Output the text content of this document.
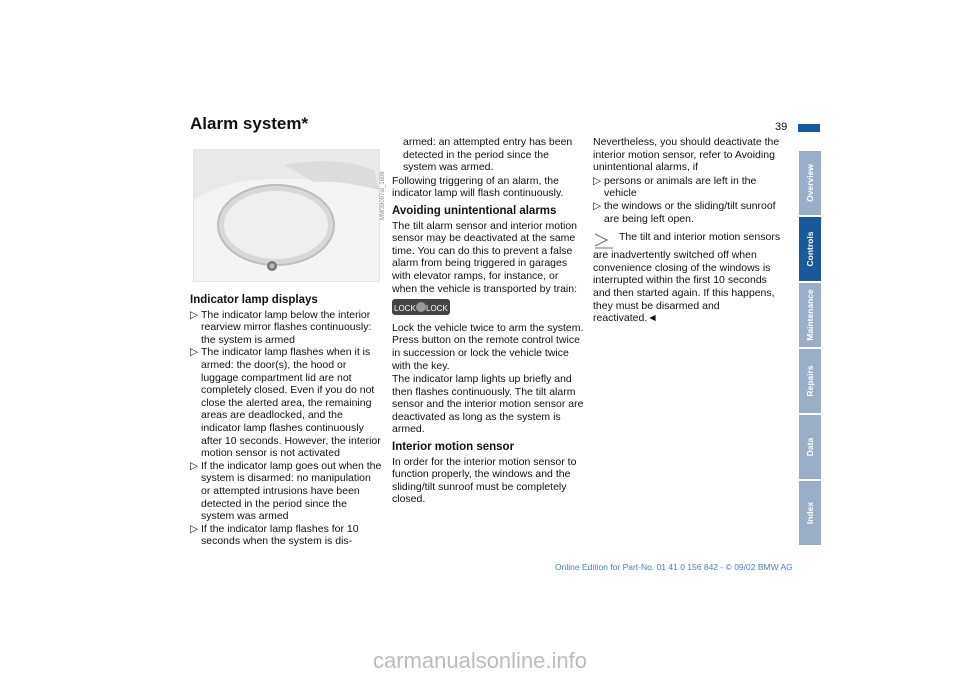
Alarm system*	39
MW39097al_1606
Indicator lamp displays
▷ The indicator lamp below the interior rearview mirror flashes continuously: the system is armed
▷ The indicator lamp flashes when it is armed: the door(s), the hood or luggage compartment lid are not completely closed. Even if you do not close the alerted area, the remaining areas are deadlocked, and the indicator lamp flashes continuously after 10 seconds. However, the interior motion sensor is not activated
▷ If the indicator lamp goes out when the system is disarmed: no manipulation or attempted intrusions have been detected in the period since the system was armed
▷ If the indicator lamp flashes for 10 seconds when the system is dis-

armed: an attempted entry has been detected in the period since the system was armed.

Following triggering of an alarm, the indicator lamp will flash continuously.

Avoiding unintentional alarms

The tilt alarm sensor and interior motion sensor may be deactivated at the same time. You can do this to prevent a false alarm from being triggered in garages with elevator ramps, for instance, or when the vehicle is transported by train:

LOCK LOCK

Lock the vehicle twice to arm the system. Press button on the remote control twice in succession or lock the vehicle twice with the key.

The indicator lamp lights up briefly and then flashes continuously. The tilt alarm sensor and the interior motion sensor are deactivated as long as the system is armed.

Interior motion sensor

In order for the interior motion sensor to function properly, the windows and the sliding/tilt sunroof must be completely closed.

Nevertheless, you should deactivate the interior motion sensor, refer to Avoiding unintentional alarms, if

▷ persons or animals are left in the vehicle
▷ the windows or the sliding/tilt sunroof are being left open.

The tilt and interior motion sensors are inadvertently switched off when convenience closing of the windows is interrupted within the first 10 seconds and then started again. If this happens, they must be disarmed and reactivated.◄

Overview
Controls
Maintenance
Repairs
Data
Index
Online Edition for Part-No. 01 41 0 156 842 - © 09/02 BMW AG
carmanualsonline.info
